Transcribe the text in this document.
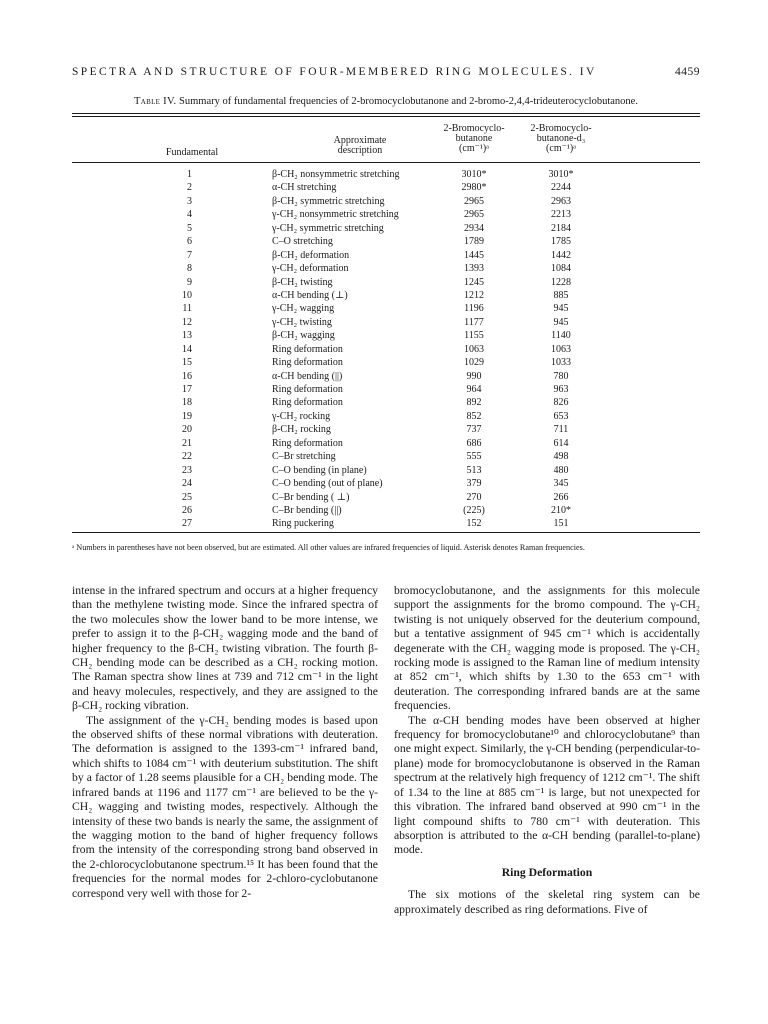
SPECTRA AND STRUCTURE OF FOUR-MEMBERED RING MOLECULES. IV	4459
Table IV. Summary of fundamental frequencies of 2-bromocyclobutanone and 2-bromo-2,4,4-trideuterocyclobutanone.
Fundamental
Approximate
description
2-Bromocyclo-
butanone
(cm⁻¹)ᵃ
2-Bromocyclo-
butanone-d₃
(cm⁻¹)ᵃ
1	β-CH₂ nonsymmetric stretching	3010*	3010*
2	α-CH stretching	2980*	2244
3	β-CH₂ symmetric stretching	2965	2963
4	γ-CH₂ nonsymmetric stretching	2965	2213
5	γ-CH₂ symmetric stretching	2934	2184
6	C–O stretching	1789	1785
7	β-CH₂ deformation	1445	1442
8	γ-CH₂ deformation	1393	1084
9	β-CH₂ twisting	1245	1228
10	α-CH bending (⊥)	1212	885
11	γ-CH₂ wagging	1196	945
12	γ-CH₂ twisting	1177	945
13	β-CH₂ wagging	1155	1140
14	Ring deformation	1063	1063
15	Ring deformation	1029	1033
16	α-CH bending (||)	990	780
17	Ring deformation	964	963
18	Ring deformation	892	826
19	γ-CH₂ rocking	852	653
20	β-CH₂ rocking	737	711
21	Ring deformation	686	614
22	C–Br stretching	555	498
23	C–O bending (in plane)	513	480
24	C–O bending (out of plane)	379	345
25	C–Br bending ( ⊥)	270	266
26	C–Br bending (||)	(225)	210*
27	Ring puckering	152	151
ᵃ Numbers in parentheses have not been observed, but are estimated. All other values are infrared frequencies of liquid. Asterisk denotes Raman frequencies.

intense in the infrared spectrum and occurs at a higher frequency than the methylene twisting mode. Since the infrared spectra of the two molecules show the lower band to be more intense, we prefer to assign it to the β-CH₂ wagging mode and the band of higher frequency to the β-CH₂ twisting vibration. The fourth β-CH₂ bending mode can be described as a CH₂ rocking motion. The Raman spectra show lines at 739 and 712 cm⁻¹ in the light and heavy molecules, respectively, and they are assigned to the β-CH₂ rocking vibration.

The assignment of the γ-CH₂ bending modes is based upon the observed shifts of these normal vibrations with deuteration. The deformation is assigned to the 1393-cm⁻¹ infrared band, which shifts to 1084 cm⁻¹ with deuterium substitution. The shift by a factor of 1.28 seems plausible for a CH₂ bending mode. The infrared bands at 1196 and 1177 cm⁻¹ are believed to be the γ-CH₂ wagging and twisting modes, respectively. Although the intensity of these two bands is nearly the same, the assignment of the wagging motion to the band of higher frequency follows from the intensity of the corresponding strong band observed in the 2-chlorocyclobutanone spectrum.¹⁵ It has been found that the frequencies for the normal modes for 2-chloro-cyclobutanone correspond very well with those for 2-

bromocyclobutanone, and the assignments for this molecule support the assignments for the bromo compound. The γ-CH₂ twisting is not uniquely observed for the deuterium compound, but a tentative assignment of 945 cm⁻¹ which is accidentally degenerate with the CH₂ wagging mode is proposed. The γ-CH₂ rocking mode is assigned to the Raman line of medium intensity at 852 cm⁻¹, which shifts by 1.30 to the 653 cm⁻¹ with deuteration. The corresponding infrared bands are at the same frequencies.

The α-CH bending modes have been observed at higher frequency for bromocyclobutane¹⁰ and chlorocyclobutane⁹ than one might expect. Similarly, the γ-CH bending (perpendicular-to-plane) mode for bromocyclobutanone is observed in the Raman spectrum at the relatively high frequency of 1212 cm⁻¹. The shift of 1.34 to the line at 885 cm⁻¹ is large, but not unexpected for this vibration. The infrared band observed at 990 cm⁻¹ in the light compound shifts to 780 cm⁻¹ with deuteration. This absorption is attributed to the α-CH bending (parallel-to-plane) mode.

Ring Deformation

The six motions of the skeletal ring system can be approximately described as ring deformations. Five of
